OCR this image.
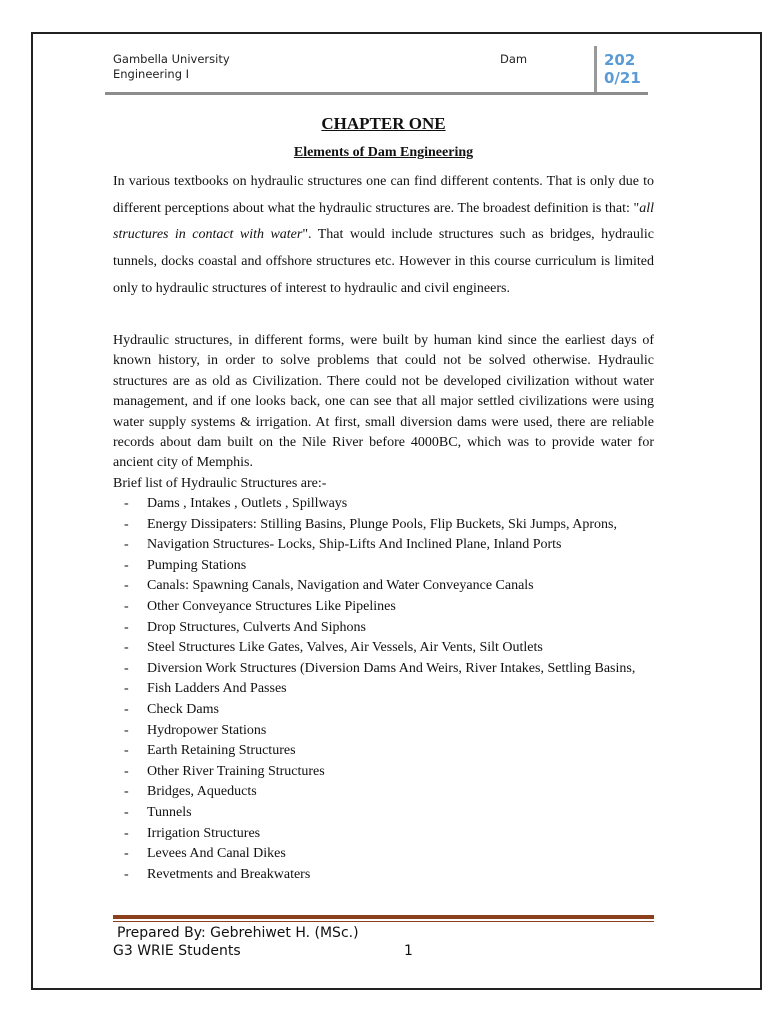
Gambella University
Engineering I
Dam	202
0/21
CHAPTER ONE
Elements of Dam Engineering

In various textbooks on hydraulic structures one can find different contents. That is only due to different perceptions about what the hydraulic structures are. The broadest definition is that: "all structures in contact with water". That would include structures such as bridges, hydraulic tunnels, docks coastal and offshore structures etc. However in this course curriculum is limited only to hydraulic structures of interest to hydraulic and civil engineers.

Hydraulic structures, in different forms, were built by human kind since the earliest days of known history, in order to solve problems that could not be solved otherwise. Hydraulic structures are as old as Civilization. There could not be developed civilization without water management, and if one looks back, one can see that all major settled civilizations were using water supply systems & irrigation. At first, small diversion dams were used, there are reliable records about dam built on the Nile River before 4000BC, which was to provide water for ancient city of Memphis.

Brief list of Hydraulic Structures are:-
- Dams , Intakes , Outlets , Spillways
- Energy Dissipaters: Stilling Basins, Plunge Pools, Flip Buckets, Ski Jumps, Aprons,
- Navigation Structures- Locks, Ship-Lifts And Inclined Plane, Inland Ports
- Pumping Stations
- Canals: Spawning Canals, Navigation and Water Conveyance Canals
- Other Conveyance Structures Like Pipelines
- Drop Structures, Culverts And Siphons
- Steel Structures Like Gates, Valves, Air Vessels, Air Vents, Silt Outlets
- Diversion Work Structures (Diversion Dams And Weirs, River Intakes, Settling Basins,
- Fish Ladders And Passes
- Check Dams
- Hydropower Stations
- Earth Retaining Structures
- Other River Training Structures
- Bridges, Aqueducts
- Tunnels
- Irrigation Structures
- Levees And Canal Dikes
- Revetments and Breakwaters
Prepared By: Gebrehiwet H. (MSc.)
G3 WRIE Students	1
